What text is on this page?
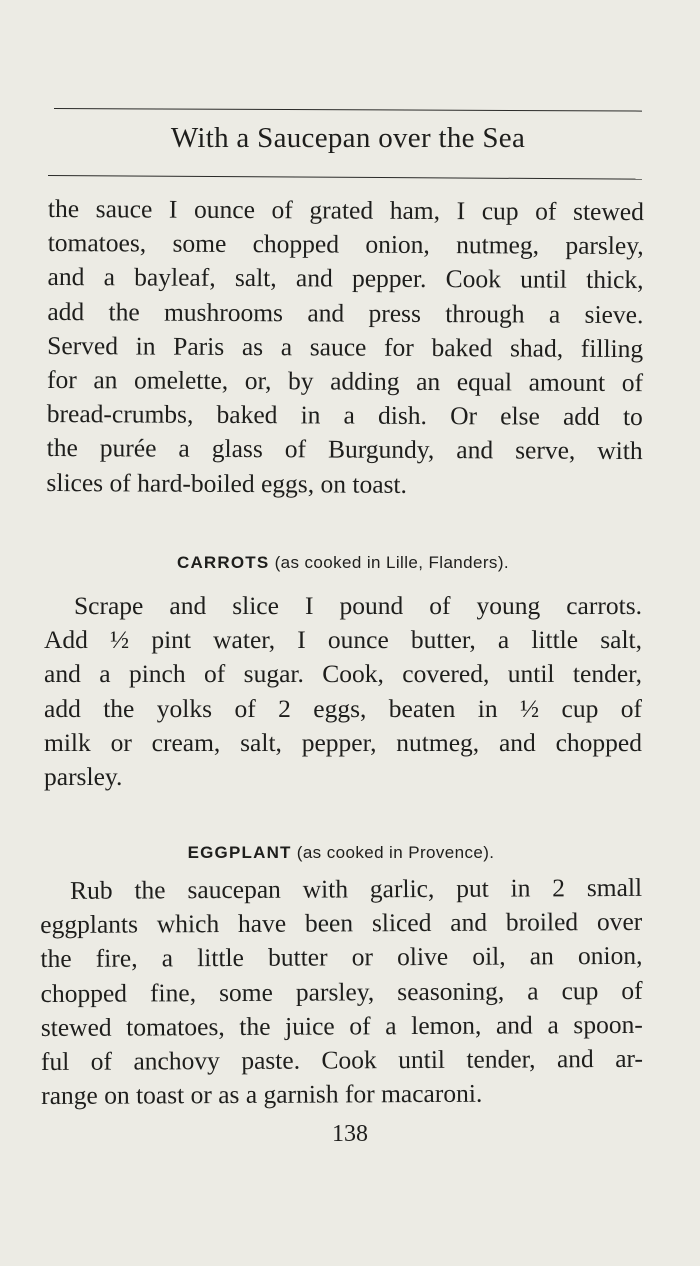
With a Saucepan over the Sea
the sauce I ounce of grated ham, I cup of stewed
tomatoes, some chopped onion, nutmeg, parsley,
and a bayleaf, salt, and pepper. Cook until thick,
add the mushrooms and press through a sieve.
Served in Paris as a sauce for baked shad, filling
for an omelette, or, by adding an equal amount of
bread-crumbs, baked in a dish. Or else add to
the purée a glass of Burgundy, and serve, with
slices of hard-boiled eggs, on toast.
CARROTS (as cooked in Lille, Flanders).
Scrape and slice I pound of young carrots.
Add ½ pint water, I ounce butter, a little salt,
and a pinch of sugar. Cook, covered, until tender,
add the yolks of 2 eggs, beaten in ½ cup of
milk or cream, salt, pepper, nutmeg, and chopped
parsley.
EGGPLANT (as cooked in Provence).
Rub the saucepan with garlic, put in 2 small
eggplants which have been sliced and broiled over
the fire, a little butter or olive oil, an onion,
chopped fine, some parsley, seasoning, a cup of
stewed tomatoes, the juice of a lemon, and a spoon-
ful of anchovy paste. Cook until tender, and ar-
range on toast or as a garnish for macaroni.
138
